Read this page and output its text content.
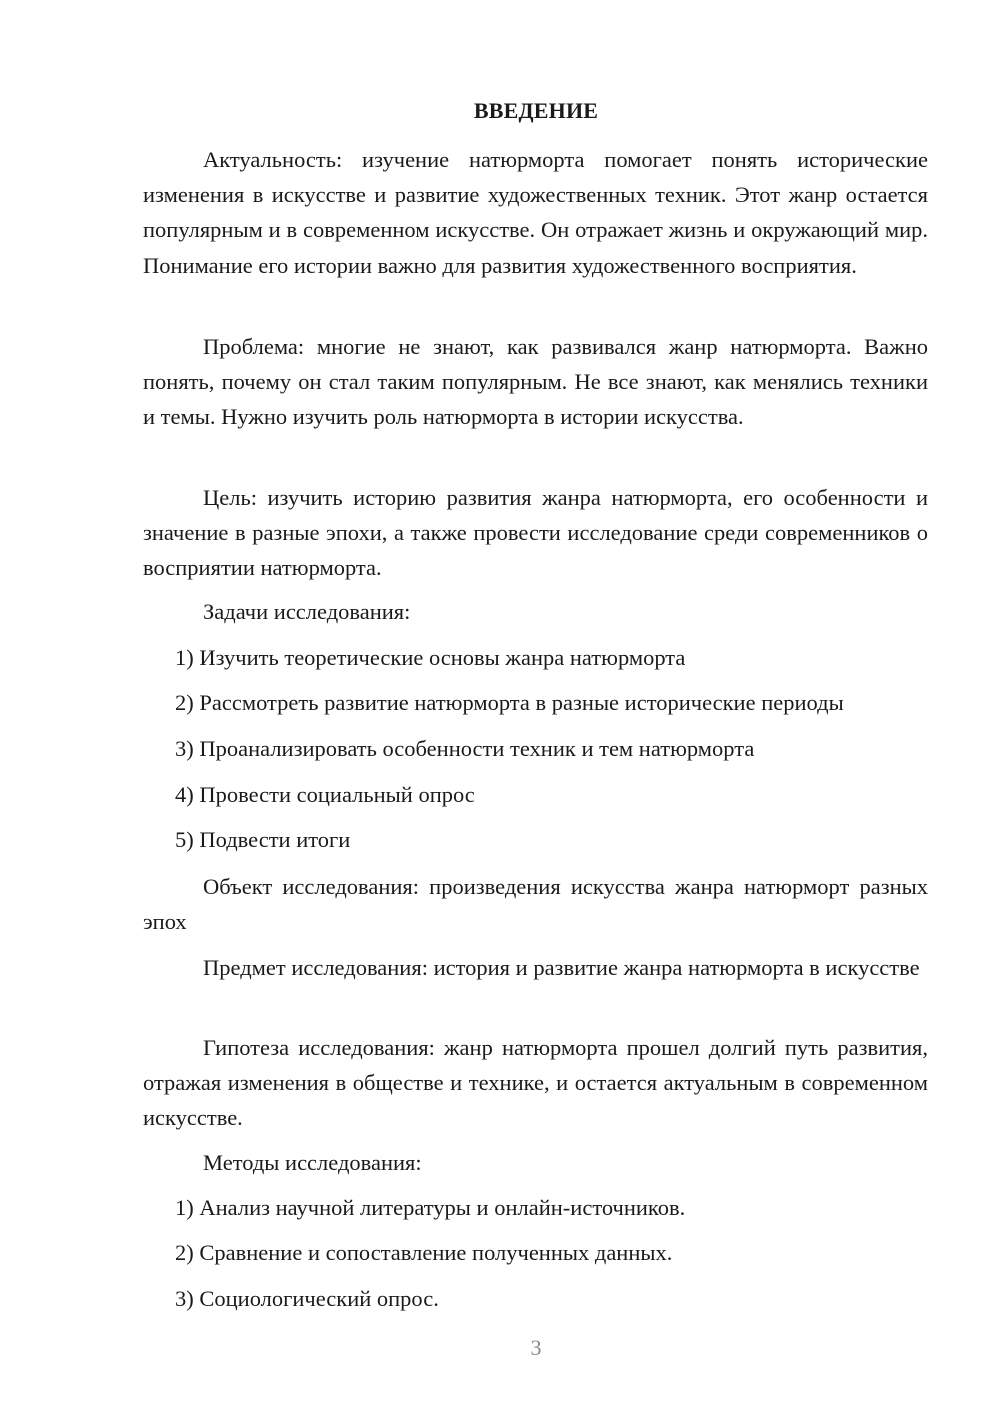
ВВЕДЕНИЕ

Актуальность: изучение натюрморта помогает понять исторические изменения в искусстве и развитие художественных техник. Этот жанр остается популярным и в современном искусстве. Он отражает жизнь и окружающий мир. Понимание его истории важно для развития художественного восприятия.

Проблема: многие не знают, как развивался жанр натюрморта. Важно понять, почему он стал таким популярным. Не все знают, как менялись техники и темы. Нужно изучить роль натюрморта в истории искусства.

Цель: изучить историю развития жанра натюрморта, его особенности и значение в разные эпохи, а также провести исследование среди современников о восприятии натюрморта.

Задачи исследования:

1) Изучить теоретические основы жанра натюрморта

2) Рассмотреть развитие натюрморта в разные исторические периоды

3) Проанализировать особенности техник и тем натюрморта

4) Провести социальный опрос

5) Подвести итоги

Объект исследования: произведения искусства жанра натюрморт разных эпох

Предмет исследования: история и развитие жанра натюрморта в искусстве

Гипотеза исследования: жанр натюрморта прошел долгий путь развития, отражая изменения в обществе и технике, и остается актуальным в современном искусстве.

Методы исследования:

1) Анализ научной литературы и онлайн-источников.

2) Сравнение и сопоставление полученных данных.

3) Социологический опрос.

3
